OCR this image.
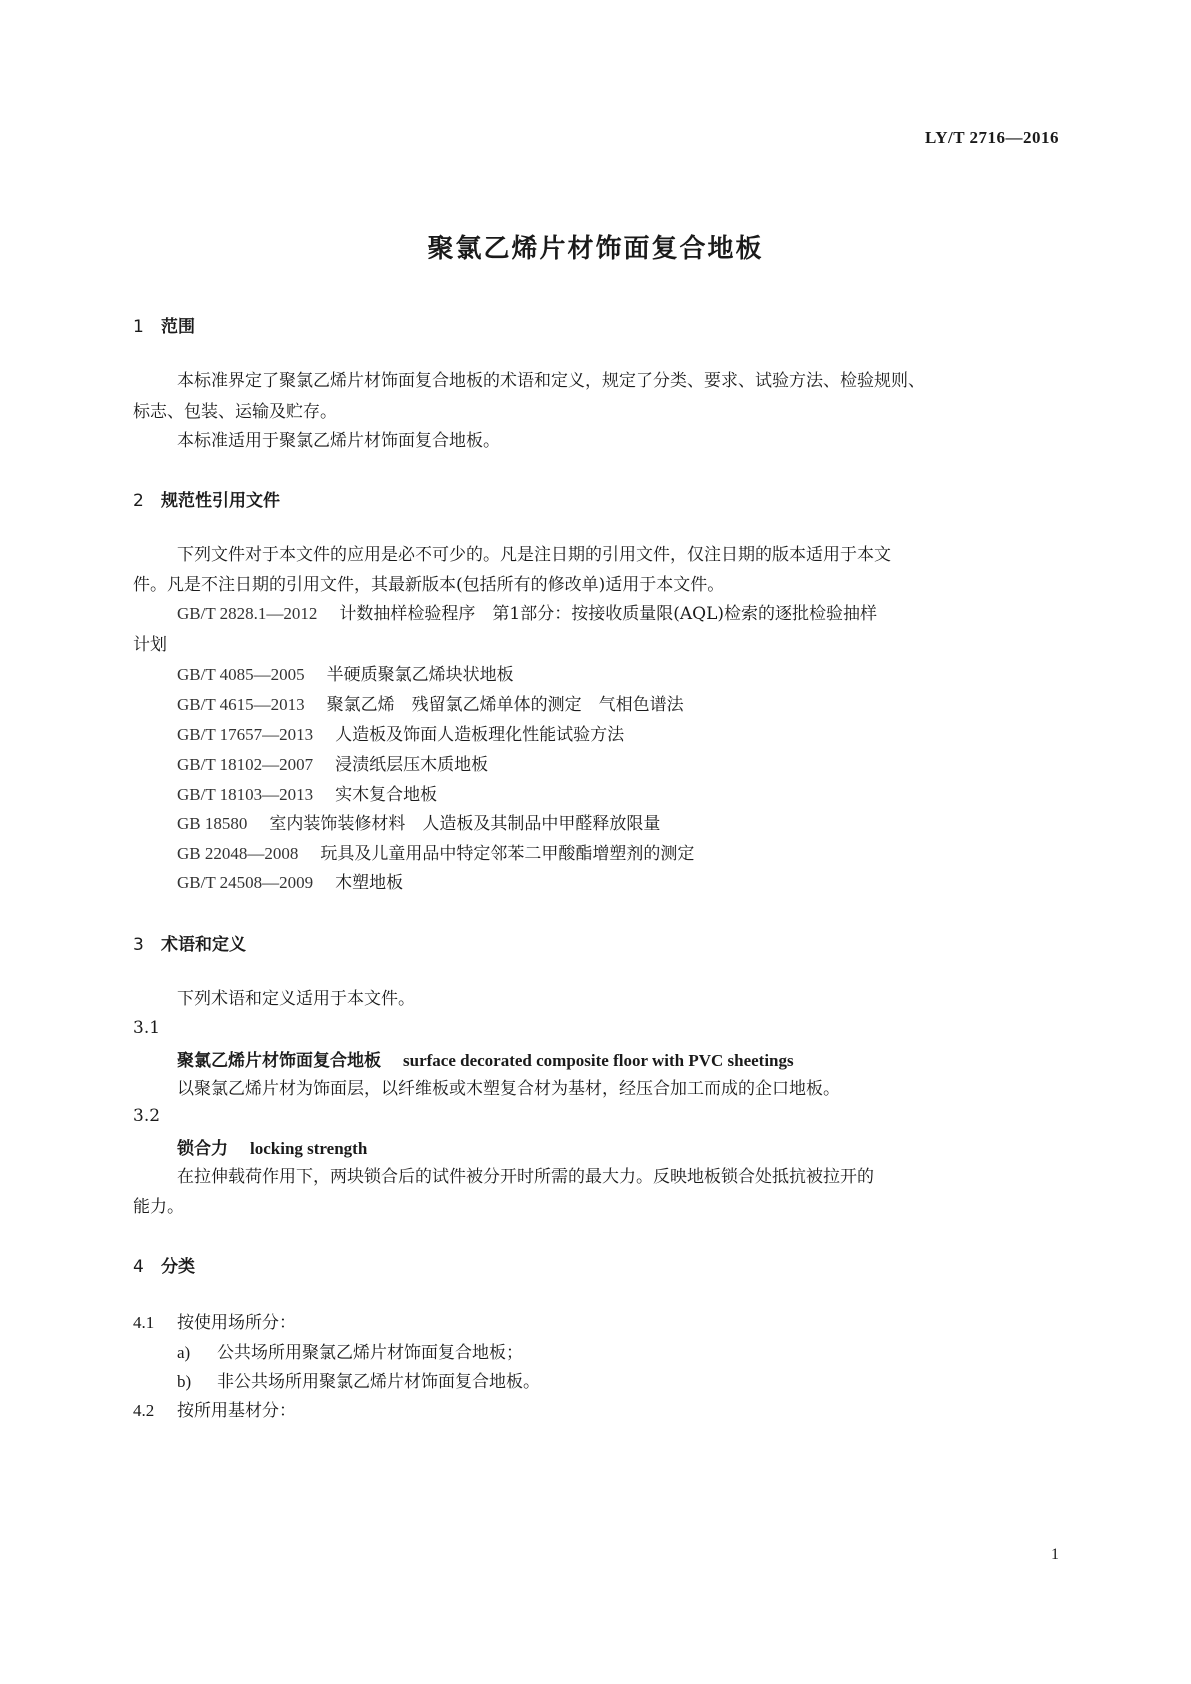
LY/T 2716—2016
聚氯乙烯片材饰面复合地板
1 范围
本标准界定了聚氯乙烯片材饰面复合地板的术语和定义，规定了分类、要求、试验方法、检验规则、
标志、包装、运输及贮存。
本标准适用于聚氯乙烯片材饰面复合地板。
2 规范性引用文件
下列文件对于本文件的应用是必不可少的。凡是注日期的引用文件，仅注日期的版本适用于本文
件。凡是不注日期的引用文件，其最新版本(包括所有的修改单)适用于本文件。
GB/T 2828.1—2012 计数抽样检验程序　第1部分：按接收质量限(AQL)检索的逐批检验抽样
计划
GB/T 4085—2005 半硬质聚氯乙烯块状地板
GB/T 4615—2013 聚氯乙烯　残留氯乙烯单体的测定　气相色谱法
GB/T 17657—2013 人造板及饰面人造板理化性能试验方法
GB/T 18102—2007 浸渍纸层压木质地板
GB/T 18103—2013 实木复合地板
GB 18580 室内装饰装修材料　人造板及其制品中甲醛释放限量
GB 22048—2008 玩具及儿童用品中特定邻苯二甲酸酯增塑剂的测定
GB/T 24508—2009 木塑地板
3 术语和定义
下列术语和定义适用于本文件。
3.1
聚氯乙烯片材饰面复合地板 surface decorated composite floor with PVC sheetings
以聚氯乙烯片材为饰面层，以纤维板或木塑复合材为基材，经压合加工而成的企口地板。
3.2
锁合力 locking strength
在拉伸载荷作用下，两块锁合后的试件被分开时所需的最大力。反映地板锁合处抵抗被拉开的
能力。
4 分类
4.1 按使用场所分：
a) 公共场所用聚氯乙烯片材饰面复合地板；
b) 非公共场所用聚氯乙烯片材饰面复合地板。
4.2 按所用基材分：
1
